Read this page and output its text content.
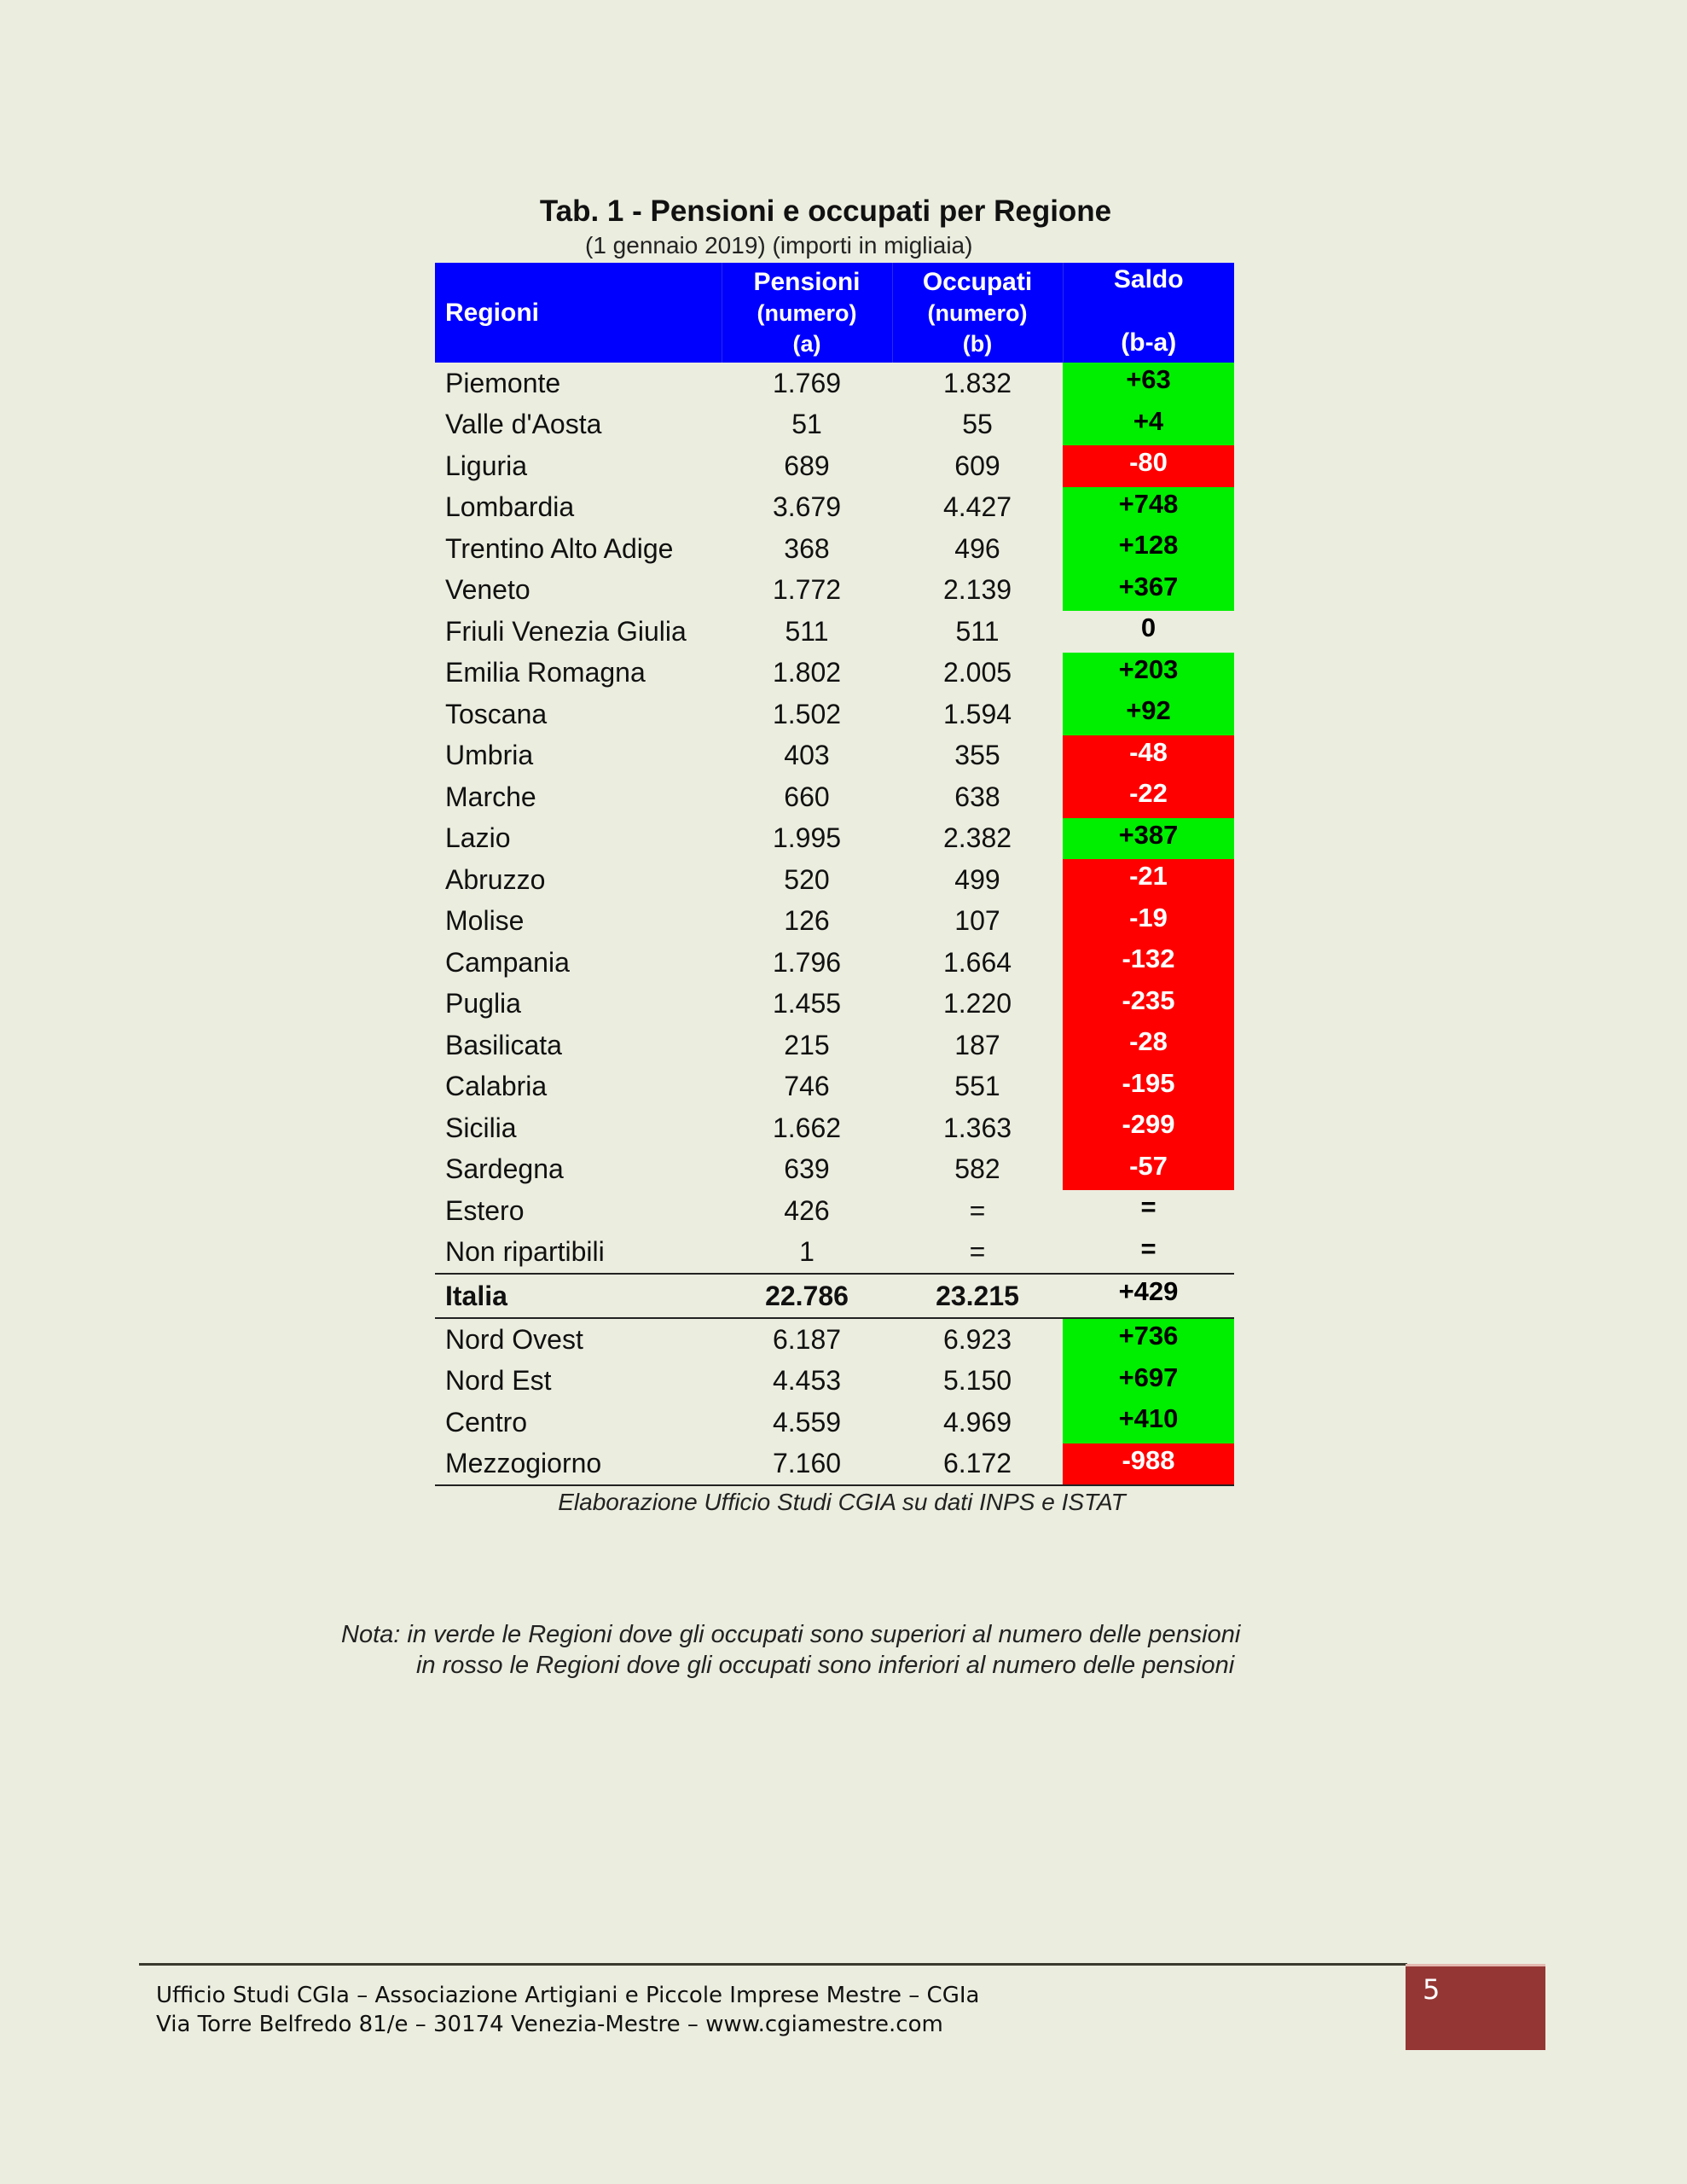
Tab. 1 - Pensioni e occupati per Regione
(1 gennaio 2019) (importi in migliaia)
Regioni	Pensioni
(numero)
(a)	Occupati
(numero)
(b)	Saldo
(b-a)

Piemonte	1.769	1.832	+63
Valle d'Aosta	51	55	+4
Liguria	689	609	-80
Lombardia	3.679	4.427	+748
Trentino Alto Adige	368	496	+128
Veneto	1.772	2.139	+367
Friuli Venezia Giulia	511	511	0
Emilia Romagna	1.802	2.005	+203
Toscana	1.502	1.594	+92
Umbria	403	355	-48
Marche	660	638	-22
Lazio	1.995	2.382	+387
Abruzzo	520	499	-21
Molise	126	107	-19
Campania	1.796	1.664	-132
Puglia	1.455	1.220	-235
Basilicata	215	187	-28
Calabria	746	551	-195
Sicilia	1.662	1.363	-299
Sardegna	639	582	-57
Estero	426	=	=
Non ripartibili	1	=	=
Italia	22.786	23.215	+429
Nord Ovest	6.187	6.923	+736
Nord Est	4.453	5.150	+697
Centro	4.559	4.969	+410
Mezzogiorno	7.160	6.172	-988
Elaborazione Ufficio Studi CGIA su dati INPS e ISTAT
Nota: in verde le Regioni dove gli occupati sono superiori al numero delle pensioni
in rosso le Regioni dove gli occupati sono inferiori al numero delle pensioni
Ufficio Studi CGIa – Associazione Artigiani e Piccole Imprese Mestre – CGIa
Via Torre Belfredo 81/e – 30174 Venezia-Mestre – www.cgiamestre.com
5
